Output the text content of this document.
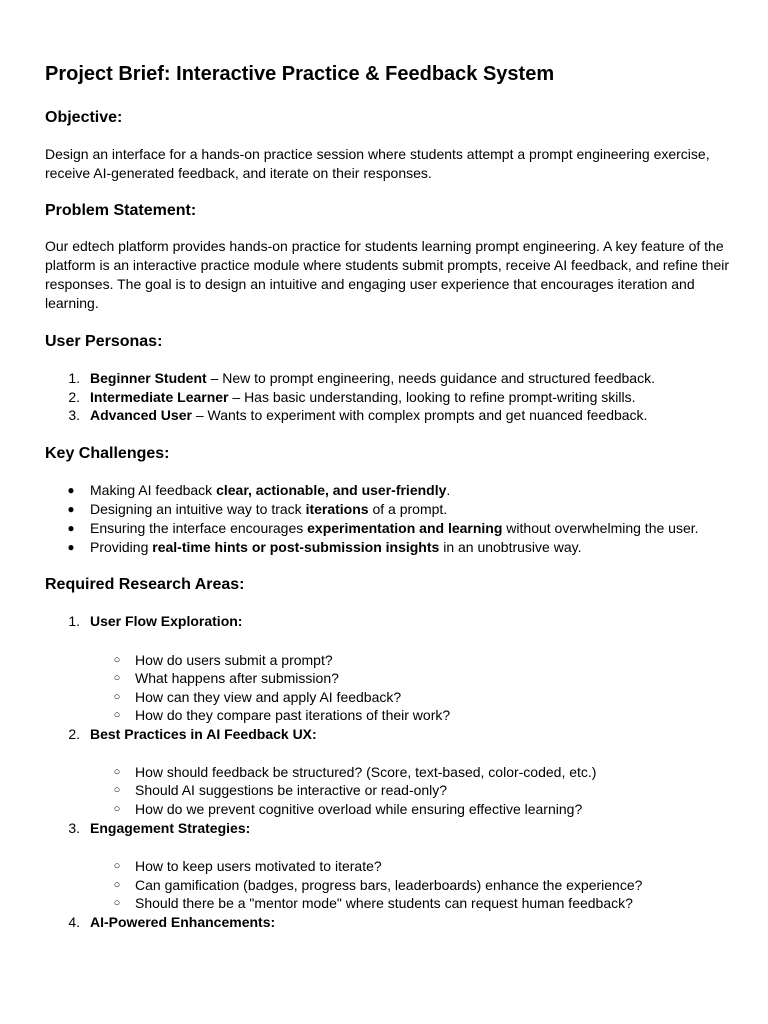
Project Brief: Interactive Practice & Feedback System
Objective:

Design an interface for a hands-on practice session where students attempt a prompt engineering exercise,
receive AI-generated feedback, and iterate on their responses.

Problem Statement:

Our edtech platform provides hands-on practice for students learning prompt engineering. A key feature of the
platform is an interactive practice module where students submit prompts, receive AI feedback, and refine their
responses. The goal is to design an intuitive and engaging user experience that encourages iteration and
learning.

User Personas:
1. Beginner Student – New to prompt engineering, needs guidance and structured feedback.
2. Intermediate Learner – Has basic understanding, looking to refine prompt-writing skills.
3. Advanced User – Wants to experiment with complex prompts and get nuanced feedback.
Key Challenges:
● Making AI feedback clear, actionable, and user-friendly.
● Designing an intuitive way to track iterations of a prompt.
● Ensuring the interface encourages experimentation and learning without overwhelming the user.
● Providing real-time hints or post-submission insights in an unobtrusive way.
Required Research Areas:
1. User Flow Exploration:
○ How do users submit a prompt?
○ What happens after submission?
○ How can they view and apply AI feedback?
○ How do they compare past iterations of their work?
2. Best Practices in AI Feedback UX:
○ How should feedback be structured? (Score, text-based, color-coded, etc.)
○ Should AI suggestions be interactive or read-only?
○ How do we prevent cognitive overload while ensuring effective learning?
3. Engagement Strategies:
○ How to keep users motivated to iterate?
○ Can gamification (badges, progress bars, leaderboards) enhance the experience?
○ Should there be a "mentor mode" where students can request human feedback?
4. AI-Powered Enhancements:
